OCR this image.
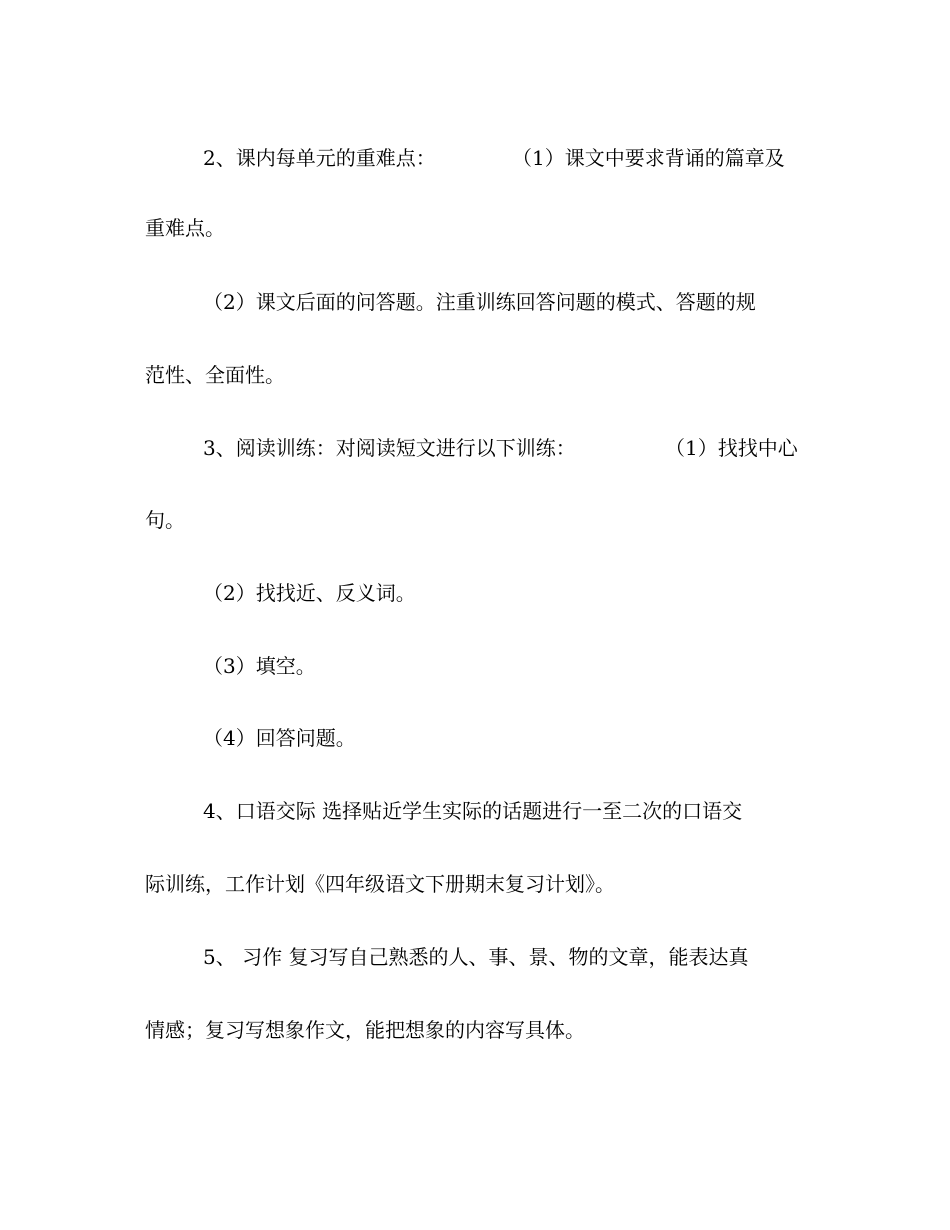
2、课内每单元的重难点：	（1）课文中要求背诵的篇章及
重难点。
（2）课文后面的问答题。注重训练回答问题的模式、答题的规
范性、全面性。
3、阅读训练：对阅读短文进行以下训练：	（1）找找中心
句。
（2）找找近、反义词。
（3）填空。
（4）回答问题。
4、口语交际 选择贴近学生实际的话题进行一至二次的口语交
际训练，工作计划《四年级语文下册期末复习计划》。
5、 习作 复习写自己熟悉的人、事、景、物的文章，能表达真
情感；复习写想象作文，能把想象的内容写具体。
